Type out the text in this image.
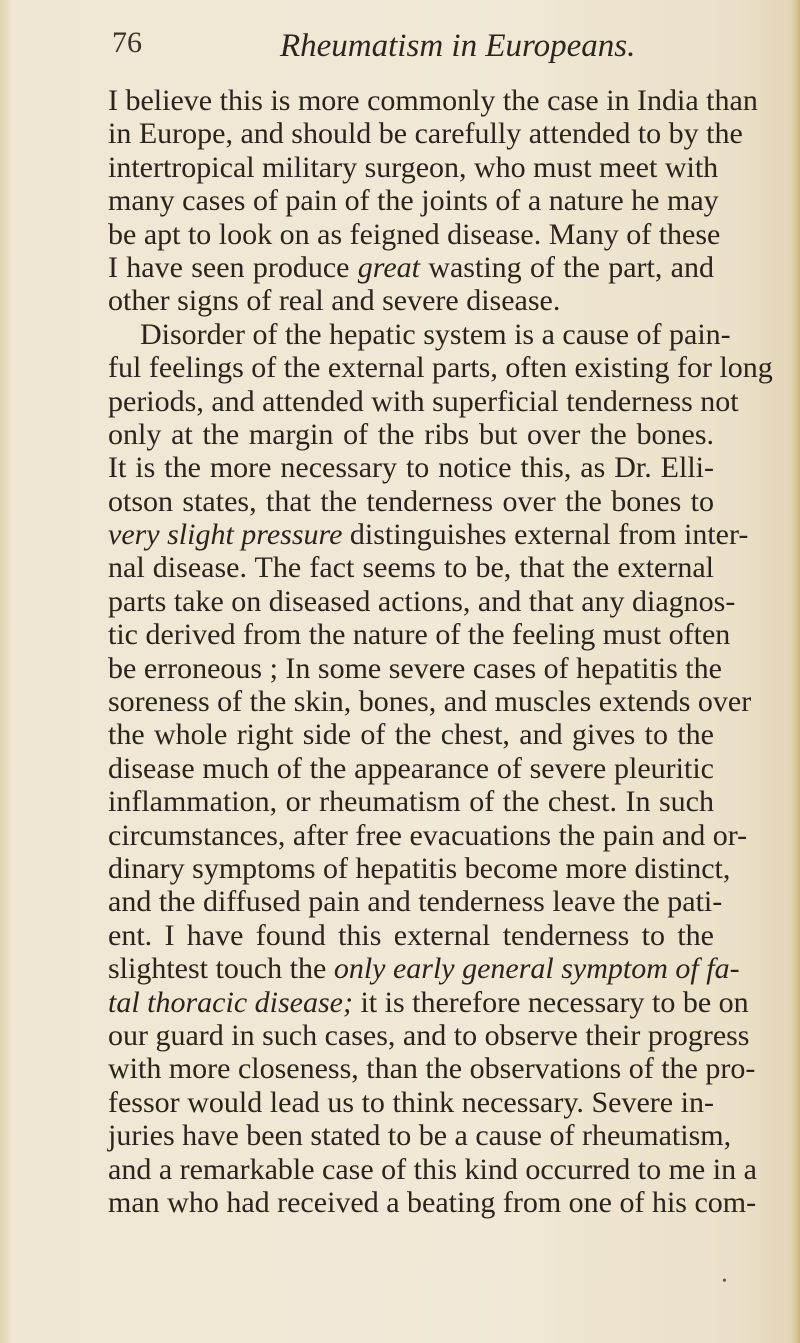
76	Rheumatism in Europeans.
I believe this is more commonly the case in India than
in Europe, and should be carefully attended to by the
intertropical military surgeon, who must meet with
many cases of pain of the joints of a nature he may
be apt to look on as feigned disease. Many of these
I have seen produce great wasting of the part, and
other signs of real and severe disease.
Disorder of the hepatic system is a cause of pain-
ful feelings of the external parts, often existing for long
periods, and attended with superficial tenderness not
only at the margin of the ribs but over the bones.
It is the more necessary to notice this, as Dr. Elli-
otson states, that the tenderness over the bones to
very slight pressure distinguishes external from inter-
nal disease. The fact seems to be, that the external
parts take on diseased actions, and that any diagnos-
tic derived from the nature of the feeling must often
be erroneous ; In some severe cases of hepatitis the
soreness of the skin, bones, and muscles extends over
the whole right side of the chest, and gives to the
disease much of the appearance of severe pleuritic
inflammation, or rheumatism of the chest. In such
circumstances, after free evacuations the pain and or-
dinary symptoms of hepatitis become more distinct,
and the diffused pain and tenderness leave the pati-
ent. I have found this external tenderness to the
slightest touch the only early general symptom of fa-
tal thoracic disease; it is therefore necessary to be on
our guard in such cases, and to observe their progress
with more closeness, than the observations of the pro-
fessor would lead us to think necessary. Severe in-
juries have been stated to be a cause of rheumatism,
and a remarkable case of this kind occurred to me in a
man who had received a beating from one of his com-
•
